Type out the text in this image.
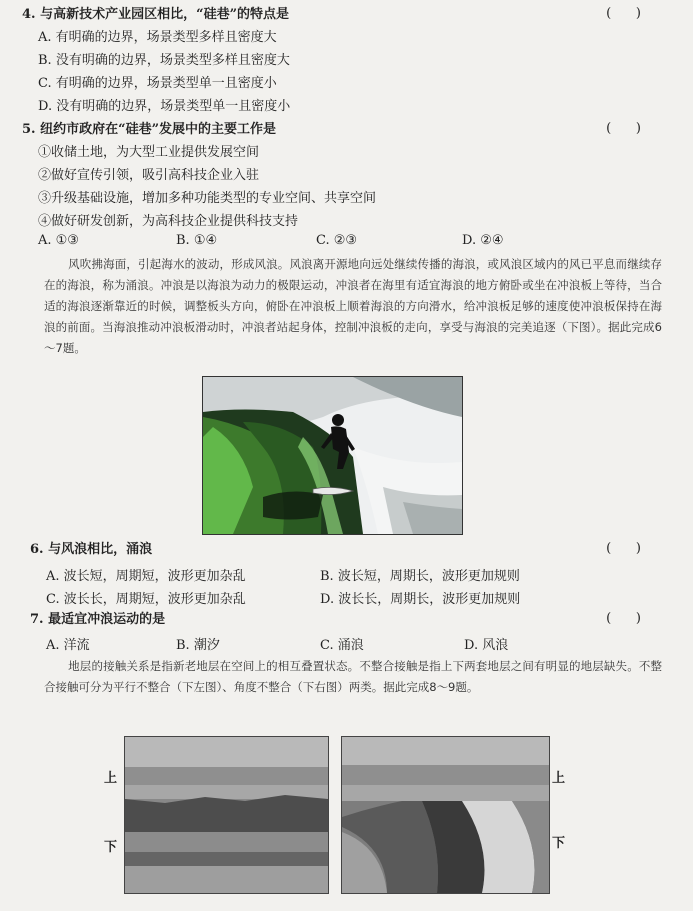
4. 与高新技术产业园区相比，“硅巷”的特点是	(      )
A. 有明确的边界，场景类型多样且密度大
B. 没有明确的边界，场景类型多样且密度大
C. 有明确的边界，场景类型单一且密度小
D. 没有明确的边界，场景类型单一且密度小
5. 纽约市政府在“硅巷”发展中的主要工作是	(      )
①收储土地，为大型工业提供发展空间
②做好宣传引领，吸引高科技企业入驻
③升级基础设施，增加多种功能类型的专业空间、共享空间
④做好研发创新，为高科技企业提供科技支持
A. ①③	B. ①④	C. ②③	D. ②④
风吹拂海面，引起海水的波动，形成风浪。风浪离开源地向远处继续传播的海浪，或风浪区域内的风已平息而继续存在的海浪，称为涌浪。冲浪是以海浪为动力的极限运动，冲浪者在海里有适宜海浪的地方俯卧或坐在冲浪板上等待，当合适的海浪逐渐靠近的时候，调整板头方向，俯卧在冲浪板上顺着海浪的方向滑水，给冲浪板足够的速度使冲浪板保持在海浪的前面。当海浪推动冲浪板滑动时，冲浪者站起身体，控制冲浪板的走向，享受与海浪的完美追逐（下图）。据此完成6～7题。
6. 与风浪相比，涌浪	(      )
A. 波长短，周期短，波形更加杂乱	B. 波长短，周期长，波形更加规则
C. 波长长，周期短，波形更加杂乱	D. 波长长，周期长，波形更加规则
7. 最适宜冲浪运动的是	(      )
A. 洋流	B. 潮汐	C. 涌浪	D. 风浪
地层的接触关系是指新老地层在空间上的相互叠置状态。不整合接触是指上下两套地层之间有明显的地层缺失。不整合接触可分为平行不整合（下左图）、角度不整合（下右图）两类。据此完成8～9题。
上
下
上
下
